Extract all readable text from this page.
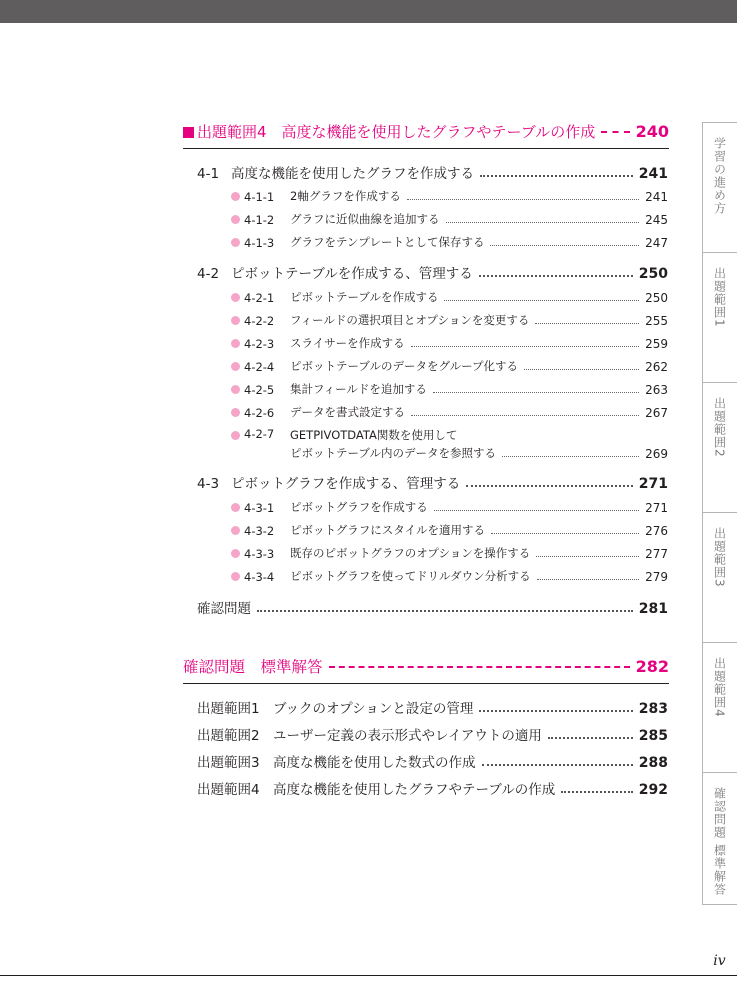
出題範囲4　高度な機能を使用したグラフやテーブルの作成	240
4-1 高度な機能を使用したグラフを作成する	241
4-1-1	2軸グラフを作成する	241
4-1-2	グラフに近似曲線を追加する	245
4-1-3	グラフをテンプレートとして保存する	247
4-2 ピボットテーブルを作成する、管理する	250
4-2-1	ピボットテーブルを作成する	250
4-2-2	フィールドの選択項目とオプションを変更する	255
4-2-3	スライサーを作成する	259
4-2-4	ピボットテーブルのデータをグループ化する	262
4-2-5	集計フィールドを追加する	263
4-2-6	データを書式設定する	267
4-2-7	GETPIVOTDATA関数を使用して
ピボットテーブル内のデータを参照する	269
4-3 ピボットグラフを作成する、管理する	271
4-3-1	ピボットグラフを作成する	271
4-3-2	ピボットグラフにスタイルを適用する	276
4-3-3	既存のピボットグラフのオプションを操作する	277
4-3-4	ピボットグラフを使ってドリルダウン分析する	279
確認問題	281
確認問題　標準解答	282
出題範囲1 ブックのオプションと設定の管理	283
出題範囲2 ユーザー定義の表示形式やレイアウトの適用	285
出題範囲3 高度な機能を使用した数式の作成	288
出題範囲4 高度な機能を使用したグラフやテーブルの作成	292
学習の進め方
出題範囲1
出題範囲2
出題範囲3
出題範囲4
確認問題 標準解答
iv
